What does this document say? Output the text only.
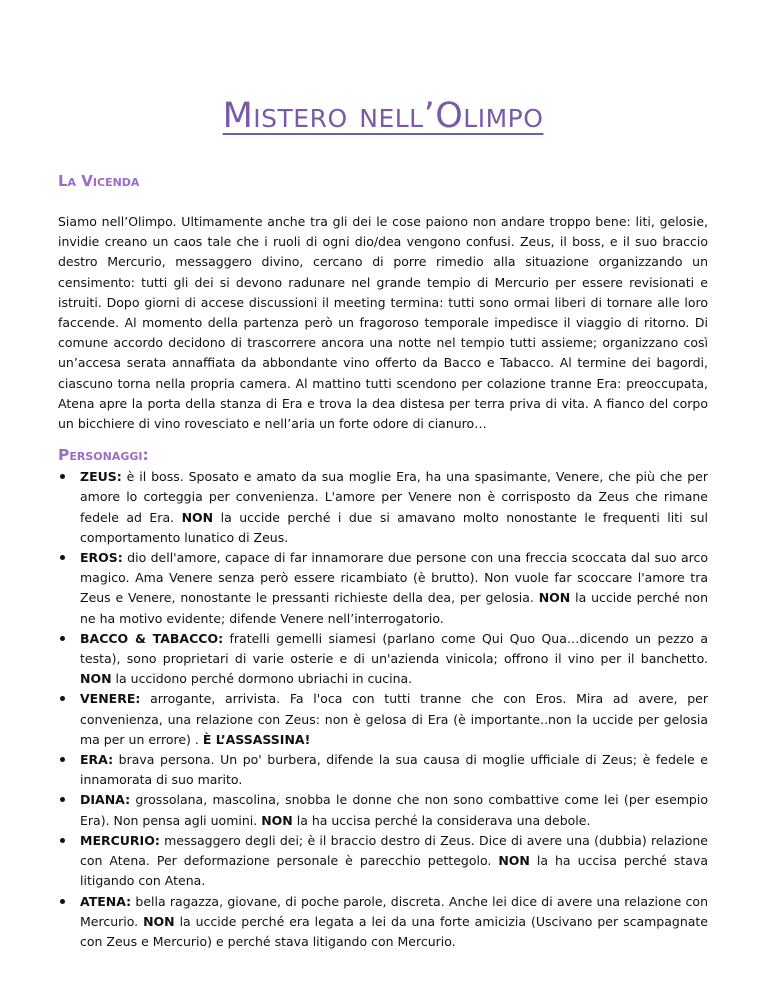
Mistero nell’Olimpo
La Vicenda

Siamo nell’Olimpo. Ultimamente anche tra gli dei le cose paiono non andare troppo bene: liti, gelosie, invidie creano un caos tale che i ruoli di ogni dio/dea vengono confusi. Zeus, il boss, e il suo braccio destro Mercurio, messaggero divino, cercano di porre rimedio alla situazione organizzando un censimento: tutti gli dei si devono radunare nel grande tempio di Mercurio per essere revisionati e istruiti. Dopo giorni di accese discussioni il meeting termina: tutti sono ormai liberi di tornare alle loro faccende. Al momento della partenza però un fragoroso temporale impedisce il viaggio di ritorno. Di comune accordo decidono di trascorrere ancora una notte nel tempio tutti assieme; organizzano così un’accesa serata annaffiata da abbondante vino offerto da Bacco e Tabacco. Al termine dei bagordi, ciascuno torna nella propria camera. Al mattino tutti scendono per colazione tranne Era: preoccupata, Atena apre la porta della stanza di Era e trova la dea distesa per terra priva di vita. A fianco del corpo un bicchiere di vino rovesciato e nell’aria un forte odore di cianuro…

Personaggi:
ZEUS: è il boss. Sposato e amato da sua moglie Era, ha una spasimante, Venere, che più che per amore lo corteggia per convenienza. L'amore per Venere non è corrisposto da Zeus che rimane fedele ad Era. NON la uccide perché i due si amavano molto nonostante le frequenti liti sul comportamento lunatico di Zeus.
EROS: dio dell'amore, capace di far innamorare due persone con una freccia scoccata dal suo arco magico. Ama Venere senza però essere ricambiato (è brutto). Non vuole far scoccare l'amore tra Zeus e Venere, nonostante le pressanti richieste della dea, per gelosia. NON la uccide perché non ne ha motivo evidente; difende Venere nell’interrogatorio.
BACCO & TABACCO: fratelli gemelli siamesi (parlano come Qui Quo Qua…dicendo un pezzo a testa), sono proprietari di varie osterie e di un'azienda vinicola; offrono il vino per il banchetto. NON la uccidono perché dormono ubriachi in cucina.
VENERE: arrogante, arrivista. Fa l'oca con tutti tranne che con Eros. Mira ad avere, per convenienza, una relazione con Zeus: non è gelosa di Era (è importante..non la uccide per gelosia ma per un errore) . È L’ASSASSINA!
ERA: brava persona. Un po' burbera, difende la sua causa di moglie ufficiale di Zeus; è fedele e innamorata di suo marito.
DIANA: grossolana, mascolina, snobba le donne che non sono combattive come lei (per esempio Era). Non pensa agli uomini. NON la ha uccisa perché la considerava una debole.
MERCURIO: messaggero degli dei; è il braccio destro di Zeus. Dice di avere una (dubbia) relazione con Atena. Per deformazione personale è parecchio pettegolo. NON la ha uccisa perché stava litigando con Atena.
ATENA: bella ragazza, giovane, di poche parole, discreta. Anche lei dice di avere una relazione con Mercurio. NON la uccide perché era legata a lei da una forte amicizia (Uscivano per scampagnate con Zeus e Mercurio) e perché stava litigando con Mercurio.
